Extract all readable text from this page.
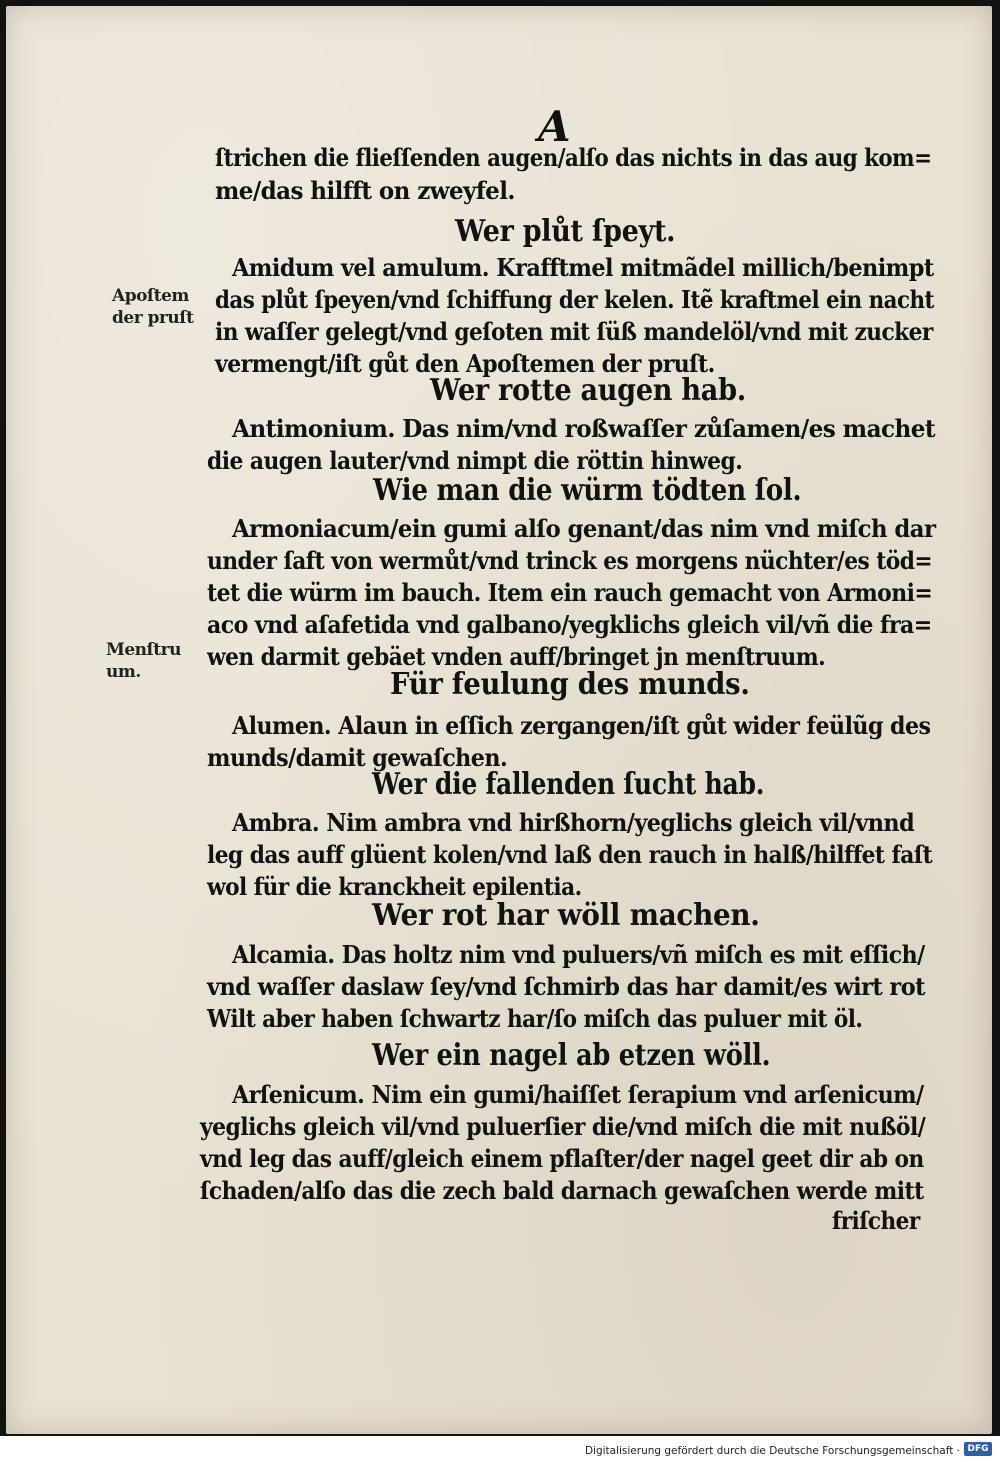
A
ſtrichen die flieſſenden augen/alſo das nichts in das aug kom=
me/das hilfft on zweyfel.
Wer plůt ſpeyt.
Amidum vel amulum. Krafftmel mitmãdel millich/benimpt
das plůt ſpeyen/vnd ſchiffung der kelen. Itẽ kraftmel ein nacht
in waſſer gelegt/vnd geſoten mit ſüß mandelöl/vnd mit zucker
vermengt/iſt gůt den Apoſtemen der pruſt.
Wer rotte augen hab.
Antimonium. Das nim/vnd roßwaſſer zůſamen/es machet
die augen lauter/vnd nimpt die röttin hinweg.
Wie man die würm tödten ſol.
Armoniacum/ein gumi alſo genant/das nim vnd miſch dar
under ſaft von wermůt/vnd trinck es morgens nüchter/es töd=
tet die würm im bauch. Item ein rauch gemacht von Armoni=
aco vnd aſafetida vnd galbano/yegklichs gleich vil/vñ die fra=
wen darmit gebäet vnden auff/bringet jn menſtruum.
Für feulung des munds.
Alumen. Alaun in eſſich zergangen/iſt gůt wider feülũg des
munds/damit gewaſchen.
Wer die fallenden ſucht hab.
Ambra. Nim ambra vnd hirßhorn/yeglichs gleich vil/vnnd
leg das auff glüent kolen/vnd laß den rauch in halß/hilffet faſt
wol für die kranckheit epilentia.
Wer rot har wöll machen.
Alcamia. Das holtz nim vnd puluers/vñ miſch es mit eſſich/
vnd waſſer daslaw ſey/vnd ſchmirb das har damit/es wirt rot
Wilt aber haben ſchwartz har/ſo miſch das puluer mit öl.
Wer ein nagel ab etzen wöll.
Arſenicum. Nim ein gumi/haiſſet ſerapium vnd arſenicum/
yeglichs gleich vil/vnd puluerſier die/vnd miſch die mit nußöl/
vnd leg das auff/gleich einem pflaſter/der nagel geet dir ab on
ſchaden/alſo das die zech bald darnach gewaſchen werde mitt
friſcher
Apoſtem
der pruſt
Menſtru
um.
Digitalisierung gefördert durch die Deutsche Forschungsgemeinschaft · DFG
